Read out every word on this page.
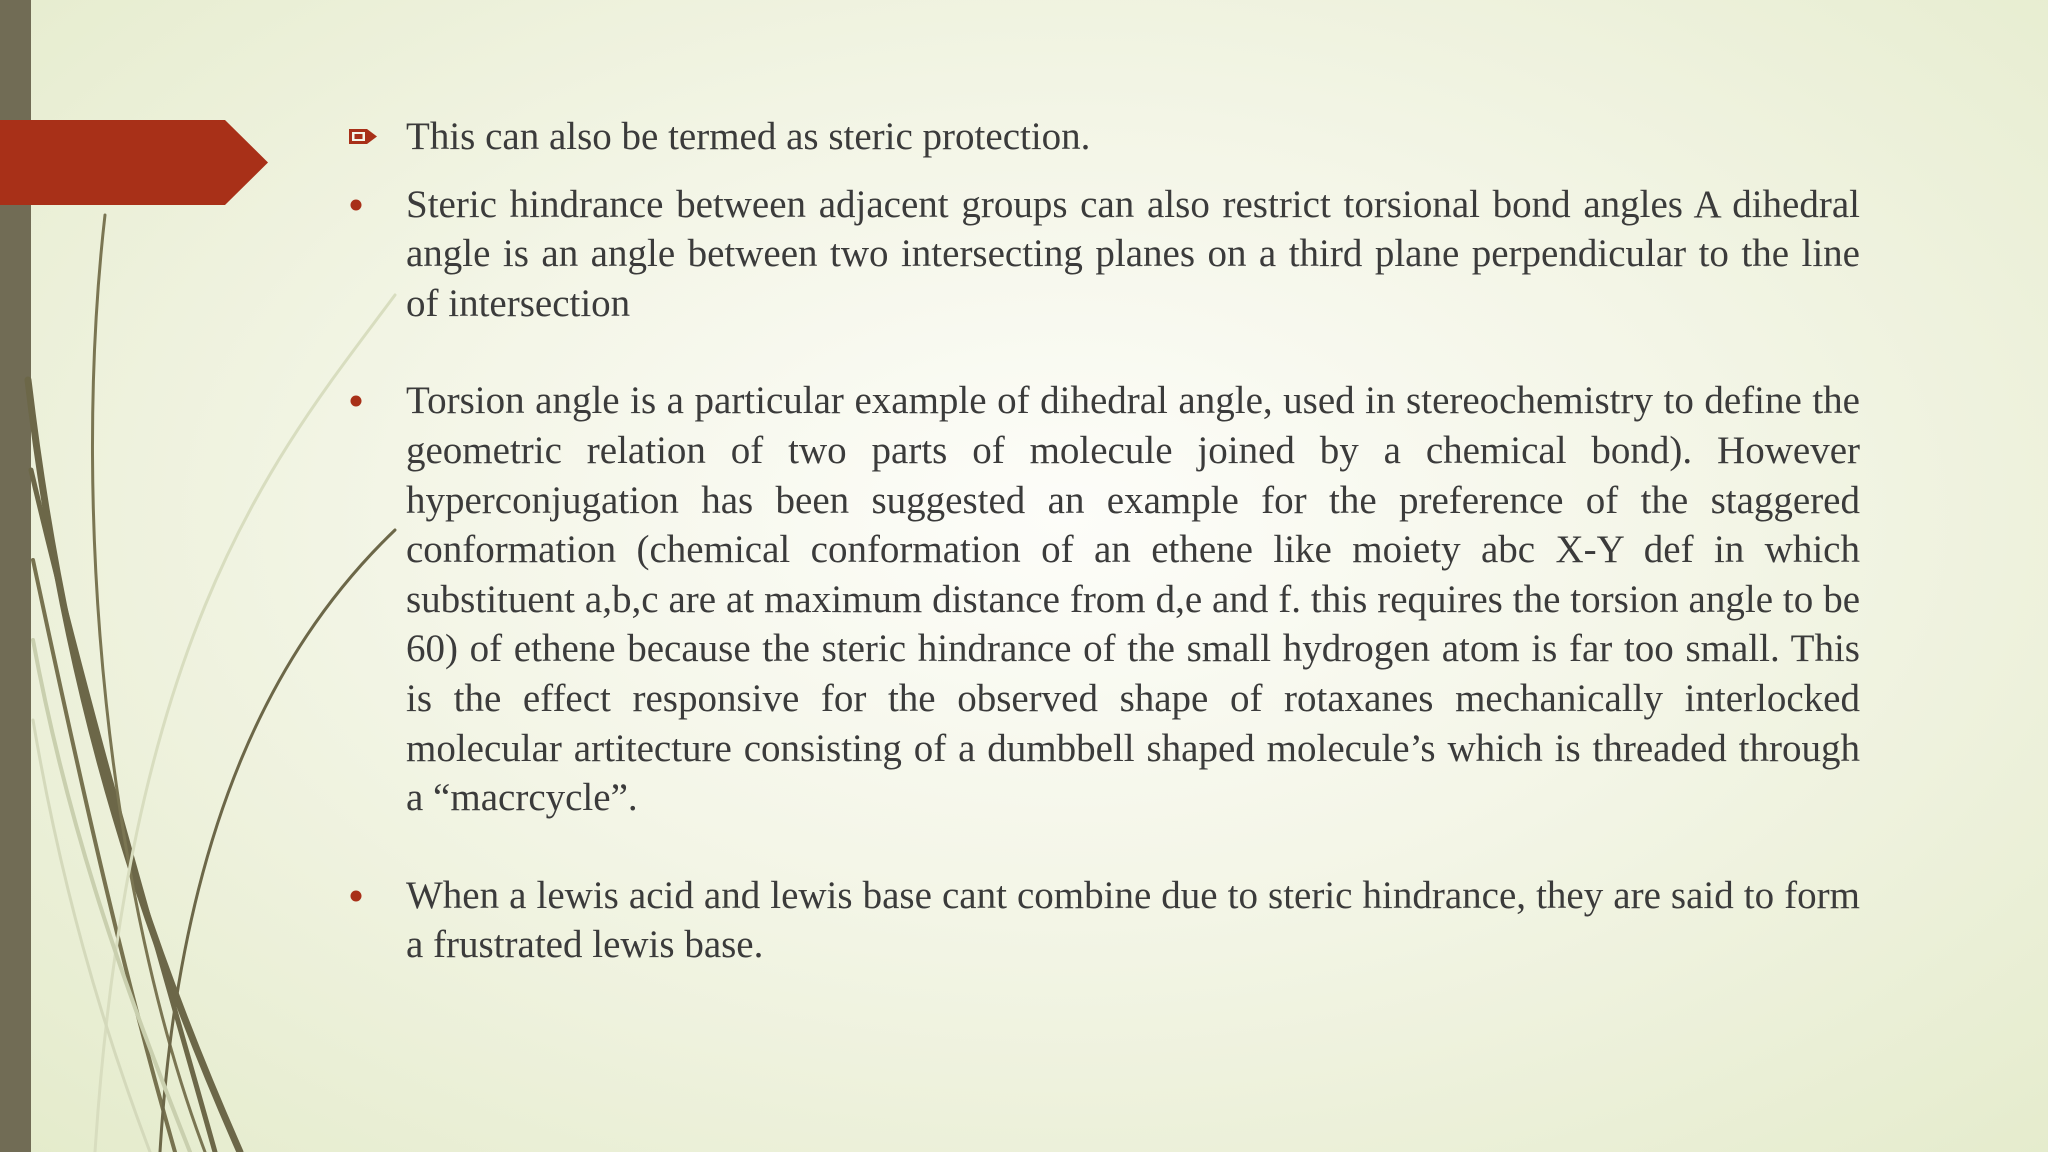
This can also be termed as steric protection.
Steric hindrance between adjacent groups can also restrict torsional bond angles A dihedral angle is an angle between two intersecting planes on a third plane perpendicular to the line of intersection
Torsion angle is a particular example of dihedral angle, used in stereochemistry to define the geometric relation of two parts of molecule joined by a chemical bond). However hyperconjugation has been suggested an example for the preference of the staggered conformation (chemical conformation of an ethene like moiety abc X-Y def in which substituent a,b,c are at maximum distance from d,e and f. this requires the torsion angle to be 60) of ethene because the steric hindrance of the small hydrogen atom is far too small. This is the effect responsive for the observed shape of rotaxanes mechanically interlocked molecular artitecture consisting of a dumbbell shaped molecule’s which is threaded through a “macrcycle”.
When a lewis acid and lewis base cant combine due to steric hindrance, they are said to form a frustrated lewis base.
